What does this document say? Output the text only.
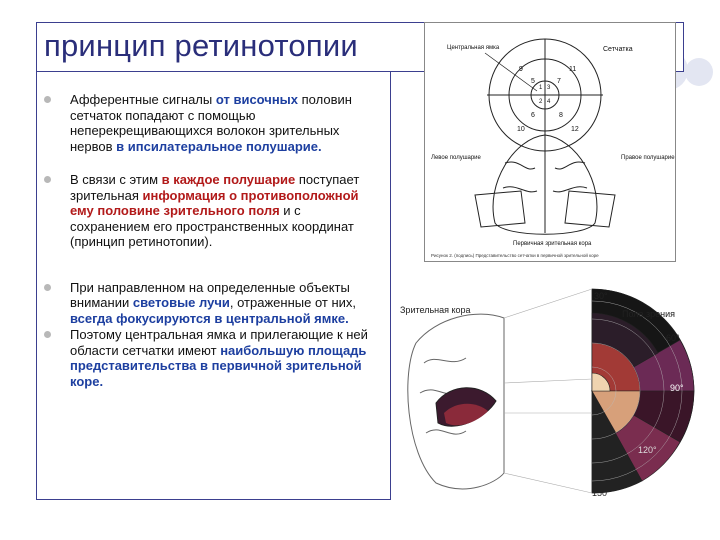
принцип ретинотопии
Афферентные сигналы от височных половин сетчаток попадают с помощью неперекрещивающихся волокон зрительных нервов в ипсилатеральное полушарие.
В связи с этим в каждое полушарие поступает зрительная информация о противоположной ему половине зрительного поля и с сохранением его пространственных координат (принцип ретинотопии).
При направленном на определенные объекты внимании световые лучи, отраженные от них, всегда фокусируются в центральной ямке.
Поэтому центральная ямка и прилегающие к ней области сетчатки имеют наибольшую площадь представительства в первичной зрительной коре.
9	11
5
1 3
2 4
7
6	8
10	12
Центральная ямка	Сетчатка
Левое полушарие	Правое полушарие
Первичная зрительная кора
Рисунок 2. (подпись) Представительство сетчатки в первичной зрительной коре
Зрительная кора	Поле зрения
30°
60°
90°
120°
150°
